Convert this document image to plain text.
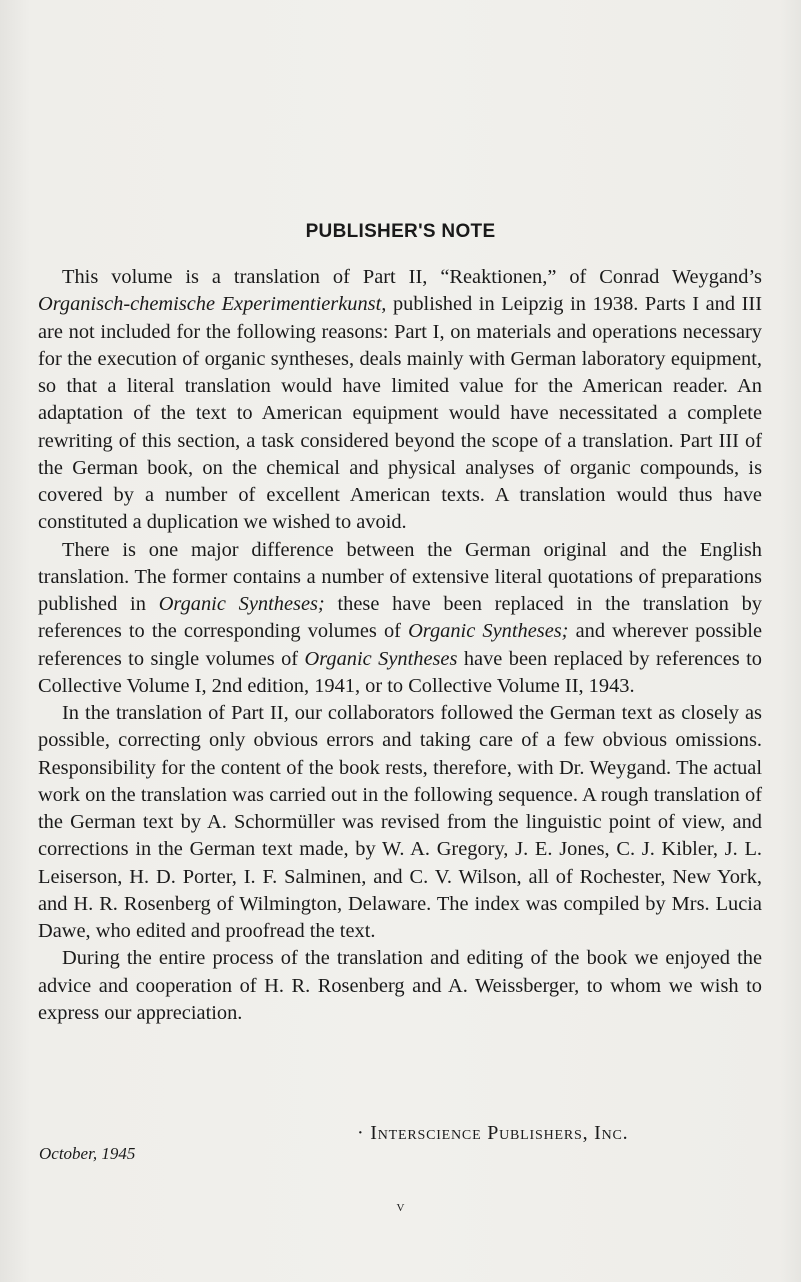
PUBLISHER'S NOTE

This volume is a translation of Part II, “Reaktionen,” of Conrad Weygand’s Organisch-chemische Experimentierkunst, published in Leipzig in 1938. Parts I and III are not included for the following reasons: Part I, on materials and operations necessary for the execution of organic syntheses, deals mainly with German laboratory equipment, so that a literal translation would have limited value for the American reader. An adaptation of the text to American equipment would have necessitated a complete rewriting of this section, a task considered beyond the scope of a translation. Part III of the German book, on the chemical and physical analyses of organic compounds, is covered by a number of excellent American texts. A translation would thus have constituted a duplication we wished to avoid.

There is one major difference between the German original and the English translation. The former contains a number of extensive literal quotations of preparations published in Organic Syntheses; these have been replaced in the translation by references to the corresponding volumes of Organic Syntheses; and wherever possible references to single volumes of Organic Syntheses have been replaced by references to Collective Volume I, 2nd edition, 1941, or to Collective Volume II, 1943.

In the translation of Part II, our collaborators followed the German text as closely as possible, correcting only obvious errors and taking care of a few obvious omissions. Responsibility for the content of the book rests, therefore, with Dr. Weygand. The actual work on the translation was carried out in the following sequence. A rough translation of the German text by A. Schormüller was revised from the linguistic point of view, and corrections in the German text made, by W. A. Gregory, J. E. Jones, C. J. Kibler, J. L. Leiserson, H. D. Porter, I. F. Salminen, and C. V. Wilson, all of Rochester, New York, and H. R. Rosenberg of Wilmington, Delaware. The index was compiled by Mrs. Lucia Dawe, who edited and proofread the text.

During the entire process of the translation and editing of the book we enjoyed the advice and cooperation of H. R. Rosenberg and A. Weissberger, to whom we wish to express our appreciation.

· Interscience Publishers, Inc.
October, 1945
v
